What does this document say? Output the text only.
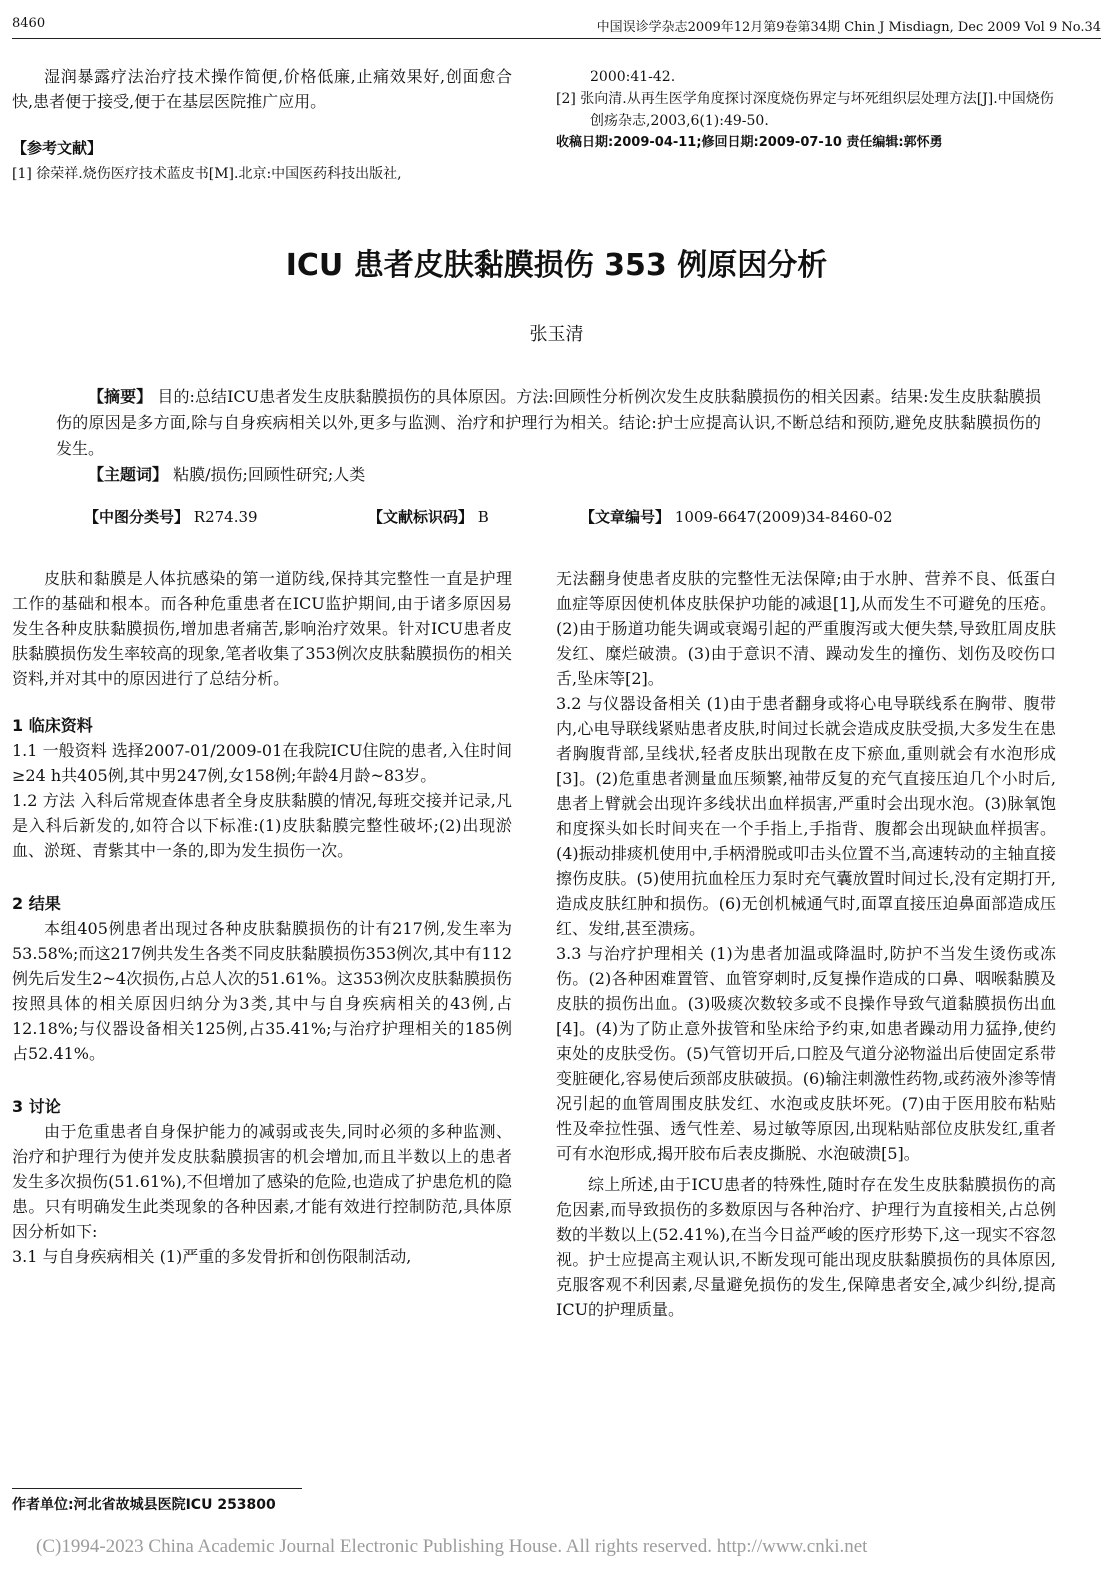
8460	中国误诊学杂志2009年12月第9卷第34期 Chin J Misdiagn, Dec 2009 Vol 9 No.34

湿润暴露疗法治疗技术操作简便,价格低廉,止痛效果好,创面愈合快,患者便于接受,便于在基层医院推广应用。

【参考文献】

[1] 徐荣祥.烧伤医疗技术蓝皮书[M].北京:中国医药科技出版社,

2000:41-42.

[2] 张向清.从再生医学角度探讨深度烧伤界定与坏死组织层处理方法[J].中国烧伤创疡杂志,2003,6(1):49-50.

收稿日期:2009-04-11;修回日期:2009-07-10 责任编辑:郭怀勇

ICU 患者皮肤黏膜损伤 353 例原因分析
张玉清

【摘要】 目的:总结ICU患者发生皮肤黏膜损伤的具体原因。方法:回顾性分析例次发生皮肤黏膜损伤的相关因素。结果:发生皮肤黏膜损伤的原因是多方面,除与自身疾病相关以外,更多与监测、治疗和护理行为相关。结论:护士应提高认识,不断总结和预防,避免皮肤黏膜损伤的发生。

【主题词】 粘膜/损伤;回顾性研究;人类

【中图分类号】 R274.39	【文献标识码】 B	【文章编号】 1009-6647(2009)34-8460-02

皮肤和黏膜是人体抗感染的第一道防线,保持其完整性一直是护理工作的基础和根本。而各种危重患者在ICU监护期间,由于诸多原因易发生各种皮肤黏膜损伤,增加患者痛苦,影响治疗效果。针对ICU患者皮肤黏膜损伤发生率较高的现象,笔者收集了353例次皮肤黏膜损伤的相关资料,并对其中的原因进行了总结分析。

1 临床资料

1.1 一般资料 选择2007-01/2009-01在我院ICU住院的患者,入住时间≥24 h共405例,其中男247例,女158例;年龄4月龄~83岁。

1.2 方法 入科后常规查体患者全身皮肤黏膜的情况,每班交接并记录,凡是入科后新发的,如符合以下标准:(1)皮肤黏膜完整性破坏;(2)出现淤血、淤斑、青紫其中一条的,即为发生损伤一次。

2 结果

本组405例患者出现过各种皮肤黏膜损伤的计有217例,发生率为53.58%;而这217例共发生各类不同皮肤黏膜损伤353例次,其中有112例先后发生2~4次损伤,占总人次的51.61%。这353例次皮肤黏膜损伤按照具体的相关原因归纳分为3类,其中与自身疾病相关的43例,占12.18%;与仪器设备相关125例,占35.41%;与治疗护理相关的185例占52.41%。

3 讨论

由于危重患者自身保护能力的减弱或丧失,同时必须的多种监测、治疗和护理行为使并发皮肤黏膜损害的机会增加,而且半数以上的患者发生多次损伤(51.61%),不但增加了感染的危险,也造成了护患危机的隐患。只有明确发生此类现象的各种因素,才能有效进行控制防范,具体原因分析如下:

3.1 与自身疾病相关 (1)严重的多发骨折和创伤限制活动,

无法翻身使患者皮肤的完整性无法保障;由于水肿、营养不良、低蛋白血症等原因使机体皮肤保护功能的减退[1],从而发生不可避免的压疮。(2)由于肠道功能失调或衰竭引起的严重腹泻或大便失禁,导致肛周皮肤发红、糜烂破溃。(3)由于意识不清、躁动发生的撞伤、划伤及咬伤口舌,坠床等[2]。

3.2 与仪器设备相关 (1)由于患者翻身或将心电导联线系在胸带、腹带内,心电导联线紧贴患者皮肤,时间过长就会造成皮肤受损,大多发生在患者胸腹背部,呈线状,轻者皮肤出现散在皮下瘀血,重则就会有水泡形成[3]。(2)危重患者测量血压频繁,袖带反复的充气直接压迫几个小时后,患者上臂就会出现许多线状出血样损害,严重时会出现水泡。(3)脉氧饱和度探头如长时间夹在一个手指上,手指背、腹都会出现缺血样损害。(4)振动排痰机使用中,手柄滑脱或叩击头位置不当,高速转动的主轴直接擦伤皮肤。(5)使用抗血栓压力泵时充气囊放置时间过长,没有定期打开,造成皮肤红肿和损伤。(6)无创机械通气时,面罩直接压迫鼻面部造成压红、发绀,甚至溃疡。

3.3 与治疗护理相关 (1)为患者加温或降温时,防护不当发生烫伤或冻伤。(2)各种困难置管、血管穿刺时,反复操作造成的口鼻、咽喉黏膜及皮肤的损伤出血。(3)吸痰次数较多或不良操作导致气道黏膜损伤出血[4]。(4)为了防止意外拔管和坠床给予约束,如患者躁动用力猛挣,使约束处的皮肤受伤。(5)气管切开后,口腔及气道分泌物溢出后使固定系带变脏硬化,容易使后颈部皮肤破损。(6)输注刺激性药物,或药液外渗等情况引起的血管周围皮肤发红、水泡或皮肤坏死。(7)由于医用胶布粘贴性及牵拉性强、透气性差、易过敏等原因,出现粘贴部位皮肤发红,重者可有水泡形成,揭开胶布后表皮撕脱、水泡破溃[5]。

综上所述,由于ICU患者的特殊性,随时存在发生皮肤黏膜损伤的高危因素,而导致损伤的多数原因与各种治疗、护理行为直接相关,占总例数的半数以上(52.41%),在当今日益严峻的医疗形势下,这一现实不容忽视。护士应提高主观认识,不断发现可能出现皮肤黏膜损伤的具体原因,克服客观不利因素,尽量避免损伤的发生,保障患者安全,减少纠纷,提高ICU的护理质量。

作者单位:河北省故城县医院ICU 253800
(C)1994-2023 China Academic Journal Electronic Publishing House. All rights reserved. http://www.cnki.net
